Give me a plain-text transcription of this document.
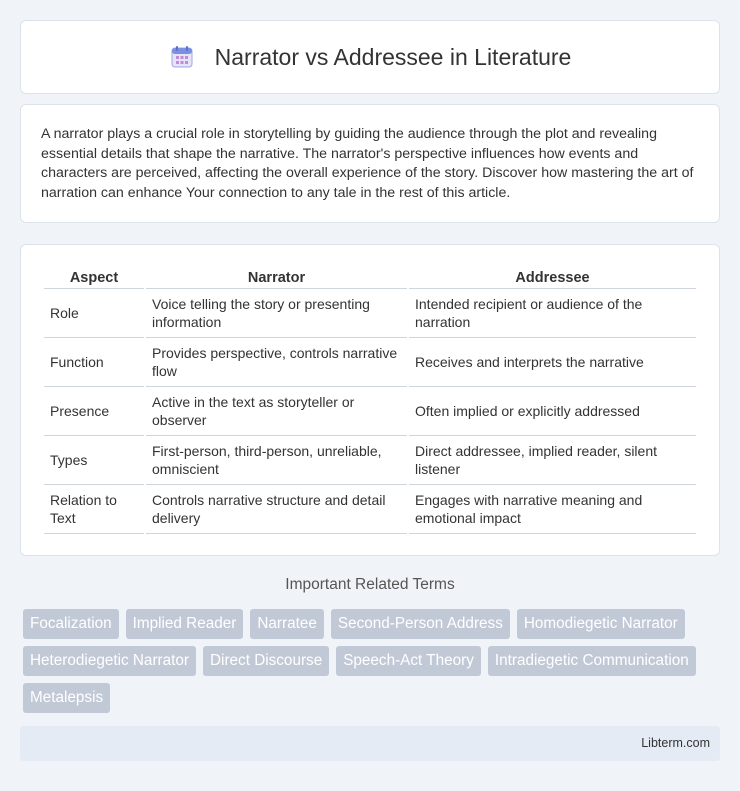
Narrator vs Addressee in Literature

A narrator plays a crucial role in storytelling by guiding the audience through the plot and revealing essential details that shape the narrative. The narrator's perspective influences how events and characters are perceived, affecting the overall experience of the story. Discover how mastering the art of narration can enhance Your connection to any tale in the rest of this article.

Aspect	Narrator	Addressee
Role	Voice telling the story or presenting information	Intended recipient or audience of the narration
Function	Provides perspective, controls narrative flow	Receives and interprets the narrative
Presence	Active in the text as storyteller or observer	Often implied or explicitly addressed
Types	First-person, third-person, unreliable, omniscient	Direct addressee, implied reader, silent listener
Relation to Text	Controls narrative structure and detail delivery	Engages with narrative meaning and emotional impact
Important Related Terms
Focalization	Implied Reader	Narratee	Second-Person Address	Homodiegetic Narrator
Heterodiegetic Narrator	Direct Discourse	Speech-Act Theory	Intradiegetic Communication
Metalepsis
Libterm.com
